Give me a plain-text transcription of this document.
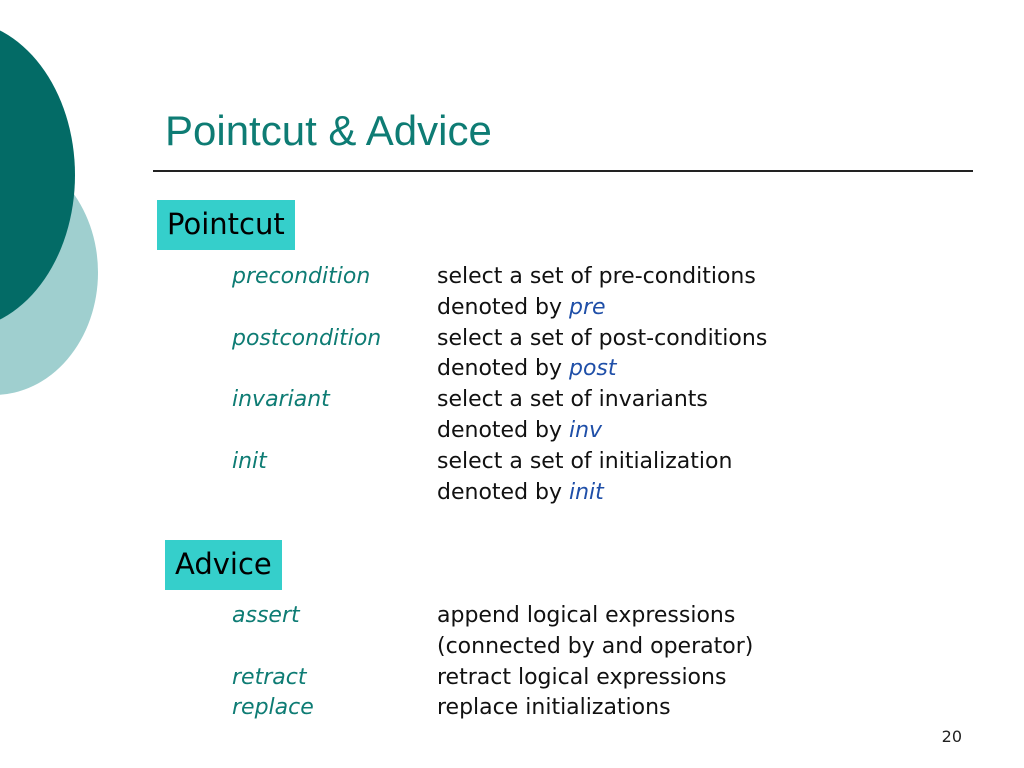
Pointcut & Advice
Pointcut
precondition	select a set of pre-conditions
denoted by pre
postcondition	select a set of post-conditions
denoted by post
invariant	select a set of invariants
denoted by inv
init	select a set of initialization
denoted by init
Advice
assert	append logical expressions
(connected by and operator)
retract	retract logical expressions
replace	replace initializations
20
